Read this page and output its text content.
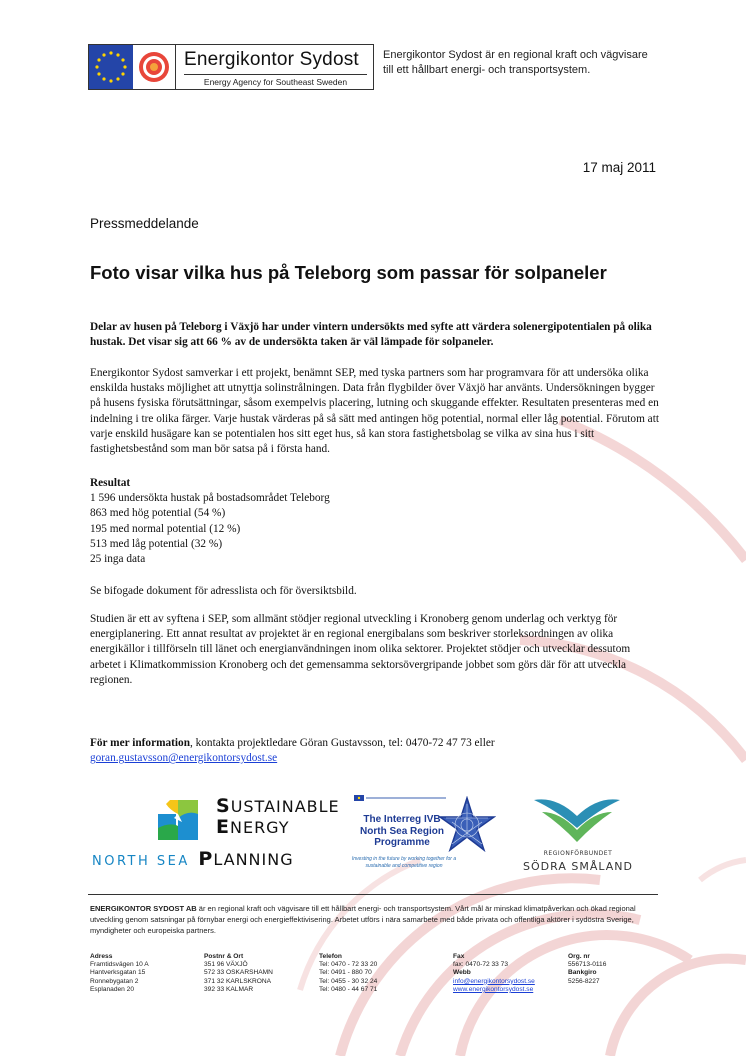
Energikontor Sydost
Energy Agency for Southeast Sweden
Energikontor Sydost är en regional kraft och vägvisare
till ett hållbart energi- och transportsystem.
17 maj 2011
Pressmeddelande
Foto visar vilka hus på Teleborg som passar för solpaneler
Delar av husen på Teleborg i Växjö har under vintern undersökts med syfte att värdera solenergipotentialen på olika hustak. Det visar sig att 66 % av de undersökta taken är väl lämpade för solpaneler.
Energikontor Sydost samverkar i ett projekt, benämnt SEP, med tyska partners som har programvara för att undersöka olika enskilda hustaks möjlighet att utnyttja solinstrålningen. Data från flygbilder över Växjö har använts. Undersökningen bygger på husens fysiska förutsättningar, såsom exempelvis placering, lutning och skuggande effekter. Resultaten presenteras med en indelning i tre olika färger. Varje hustak värderas på så sätt med antingen hög potential, normal eller låg potential. Förutom att varje enskild husägare kan se potentialen hos sitt eget hus, så kan stora fastighetsbolag se vilka av sina hus i sitt fastighetsbestånd som man bör satsa på i första hand.
Resultat
1 596 undersökta hustak på bostadsområdet Teleborg
863 med hög potential (54 %)
195 med normal potential (12 %)
513 med låg potential (32 %)
25 inga data
Se bifogade dokument för adresslista och för översiktsbild.
Studien är ett av syftena i SEP, som allmänt stödjer regional utveckling i Kronoberg genom underlag och verktyg för energiplanering. Ett annat resultat av projektet är en regional energibalans som beskriver storleksordningen av olika energikällor i tillförseln till länet och energianvändningen inom olika sektorer. Projektet stödjer och utvecklar dessutom arbetet i Klimatkommission Kronoberg och det gemensamma sektorsövergripande jobbet som görs där för att utveckla regionen.
För mer information, kontakta projektledare Göran Gustavsson, tel: 0470-72 47 73 eller
goran.gustavsson@energikontorsydost.se
SUSTAINABLE
ENERGY
NORTH SEA PLANNING
The Interreg IVB North Sea Region Programme
Investing in the future by working together for a sustainable and competitive region
REGIONFÖRBUNDET
SÖDRA SMÅLAND
ENERGIKONTOR SYDOST AB är en regional kraft och vägvisare till ett hållbart energi- och transportsystem. Vårt mål är minskad klimatpåverkan och ökad regional utveckling genom satsningar på förnybar energi och energieffektivisering. Arbetet utförs i nära samarbete med både privata och offentliga aktörer i sydöstra Sverige, myndigheter och europeiska partners.
Adress
Framtidsvägen 10 A
Hantverksgatan 15
Ronnebygatan 2
Esplanaden 20
Postnr & Ort
351 96 VÄXJÖ
572 33 OSKARSHAMN
371 32 KARLSKRONA
392 33 KALMAR
Telefon
Tel: 0470 - 72 33 20
Tel: 0491 - 880 70
Tel: 0455 - 30 32 24
Tel: 0480 - 44 67 71
Fax
fax: 0470-72 33 73
Webb
info@energikontorsydost.se
www.energikontorsydost.se
Org. nr
556713-0116
Bankgiro
5256-8227
